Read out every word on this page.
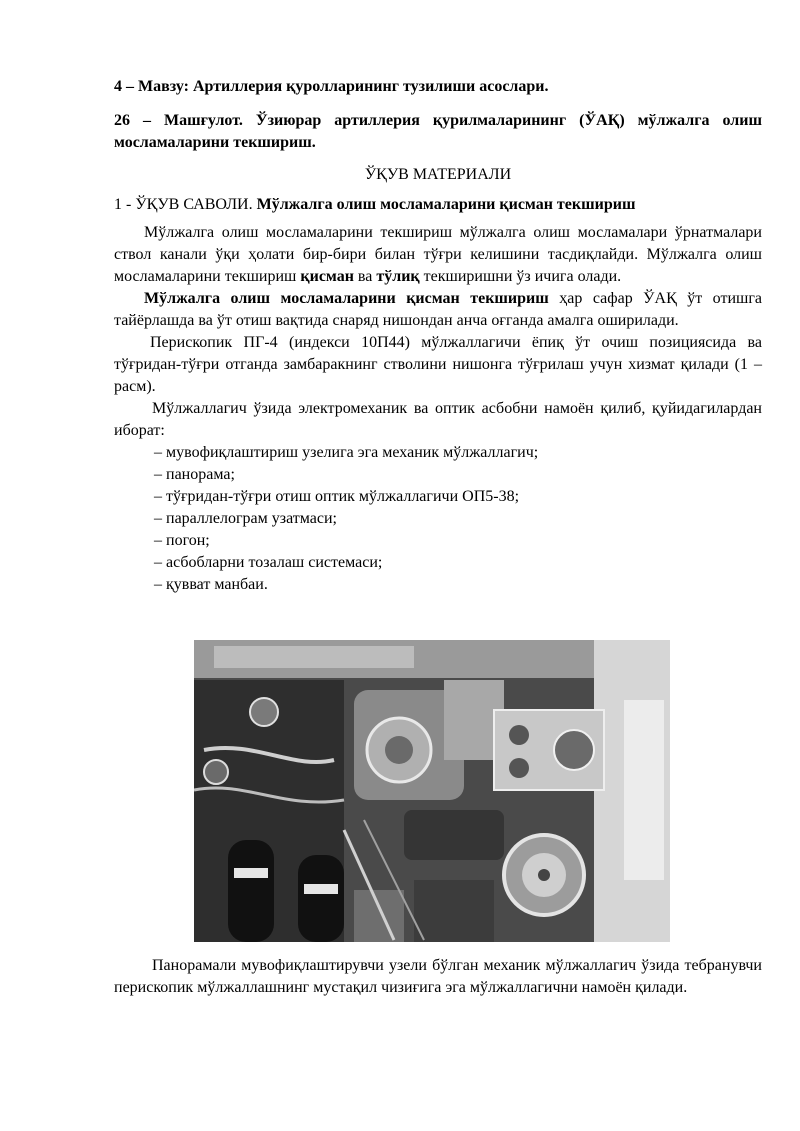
4 – Мавзу: Артиллерия қуролларининг тузилиши асослари.

26 – Машғулот. Ўзиюрар артиллерия қурилмаларининг (ЎАҚ) мўлжалга олиш мосламаларини текшириш.

ЎҚУВ МАТЕРИАЛИ

1 - ЎҚУВ САВОЛИ. Мўлжалга олиш мосламаларини қисман текшириш

Мўлжалга олиш мосламаларини текшириш мўлжалга олиш мосламалари ўрнатмалари ствол канали ўқи ҳолати бир-бири билан тўғри келишини тасдиқлайди. Мўлжалга олиш мосламаларини текшириш қисман ва тўлиқ текширишни ўз ичига олади.

Мўлжалга олиш мосламаларини қисман текшириш ҳар сафар ЎАҚ ўт отишга тайёрлашда ва ўт отиш вақтида снаряд нишондан анча оғганда амалга оширилади.

Перископик ПГ-4 (индекси 10П44) мўлжаллагичи ёпиқ ўт очиш позициясида ва тўғридан-тўғри отганда замбаракнинг стволини нишонга тўғрилаш учун хизмат қилади (1 – расм).

Мўлжаллагич ўзида электромеханик ва оптик асбобни намоён қилиб, қуйидагилардан иборат:

– мувофиқлаштириш узелига эга механик мўлжаллагич;
– панорама;
– тўғридан-тўғри отиш оптик мўлжаллагичи ОП5-38;
– параллелограм узатмаси;
– погон;
– асбобларни тозалаш системаси;
– қувват манбаи.

Панорамали мувофиқлаштирувчи узели бўлган механик мўлжаллагич ўзида тебранувчи перископик мўлжаллашнинг мустақил чизиғига эга мўлжаллагични намоён қилади.
